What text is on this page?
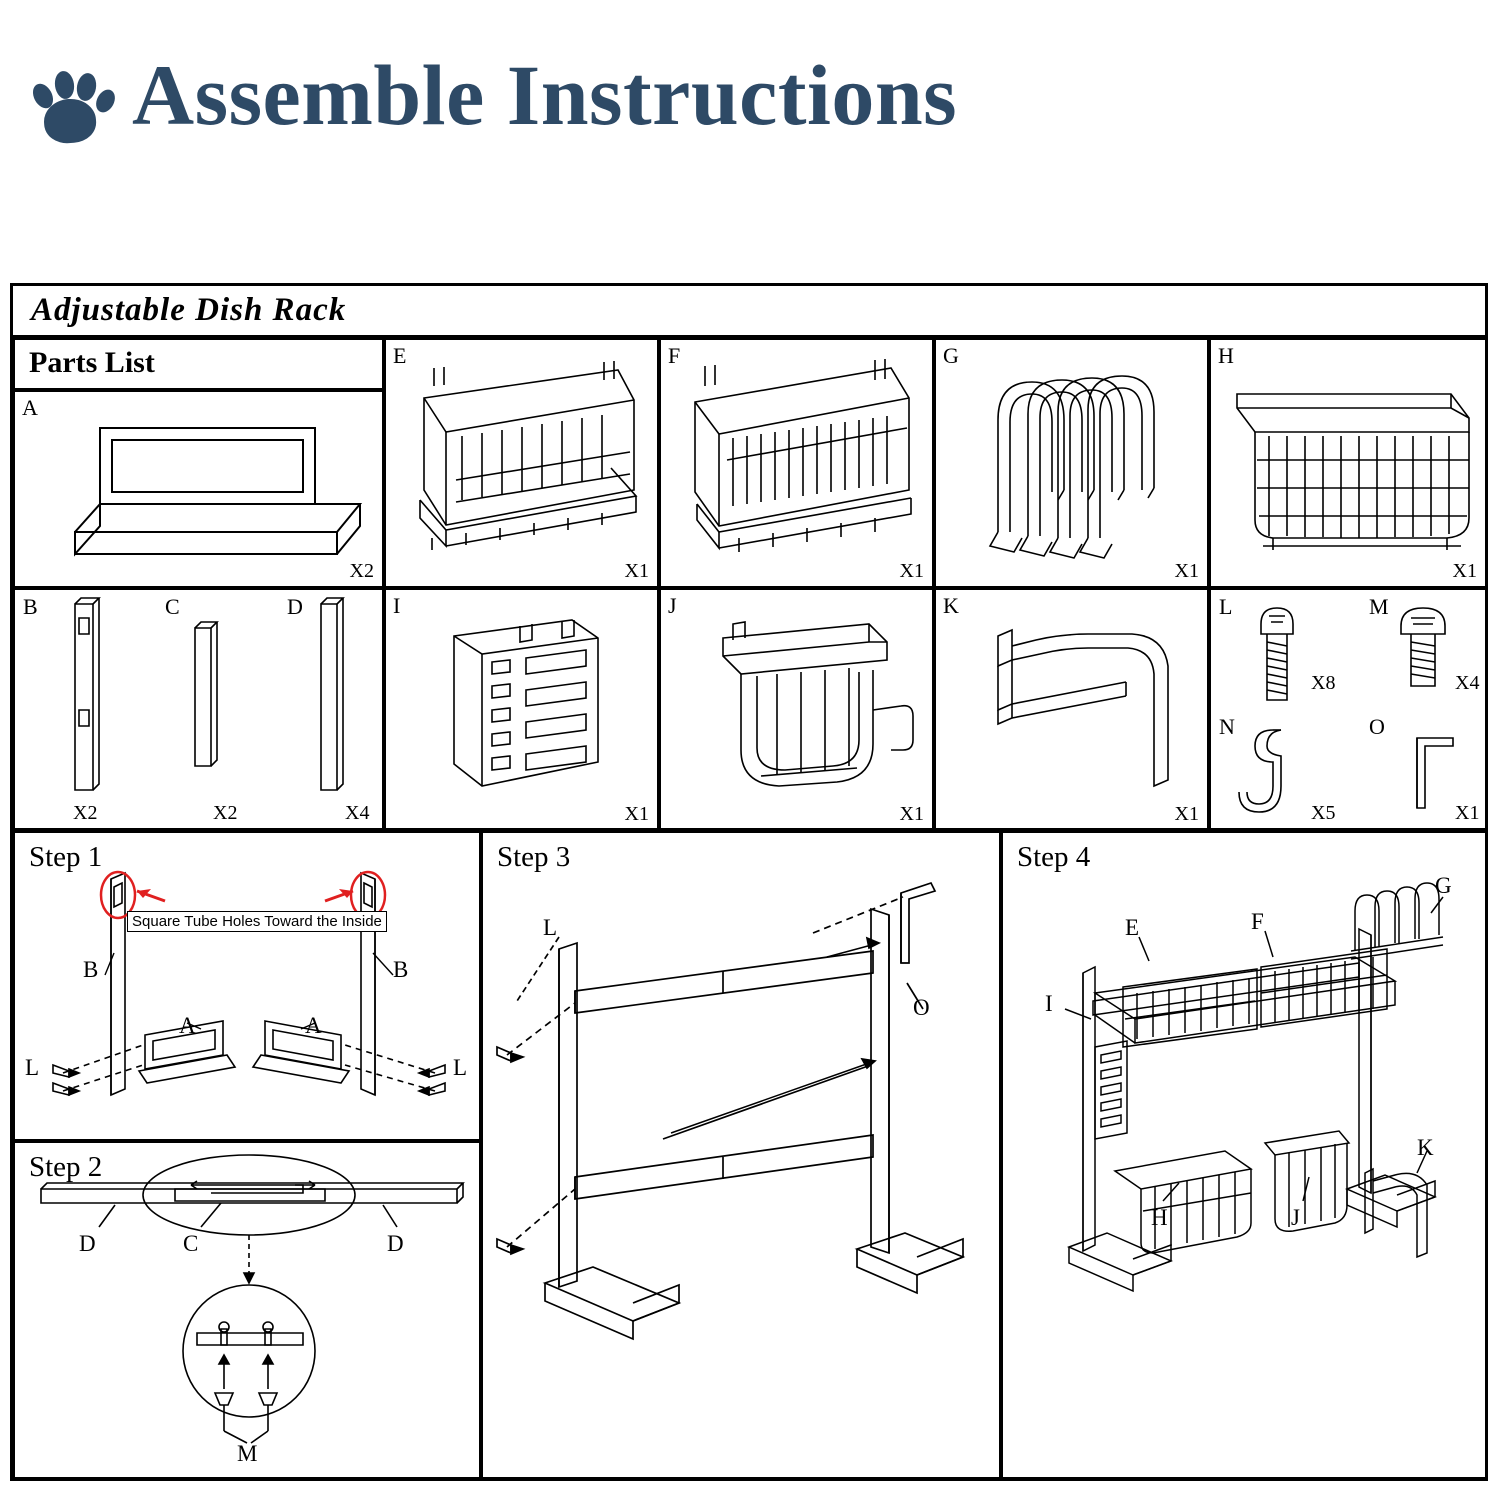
Assemble Instructions
Adjustable Dish Rack
Parts List
A
X2
E
X1
F
X1
G
X1
H
X1
B	C	D
X2	X2	X4
I
X1
J
X1
K
X1
L	M
N	O
X8	X4
X5	X1
Step 1
Square Tube Holes Toward the Inside
B	B
A	A
L	L
Step 2
D	C	D
M
Step 3
L
O
Step 4
E	F
G
I
H	J
K
